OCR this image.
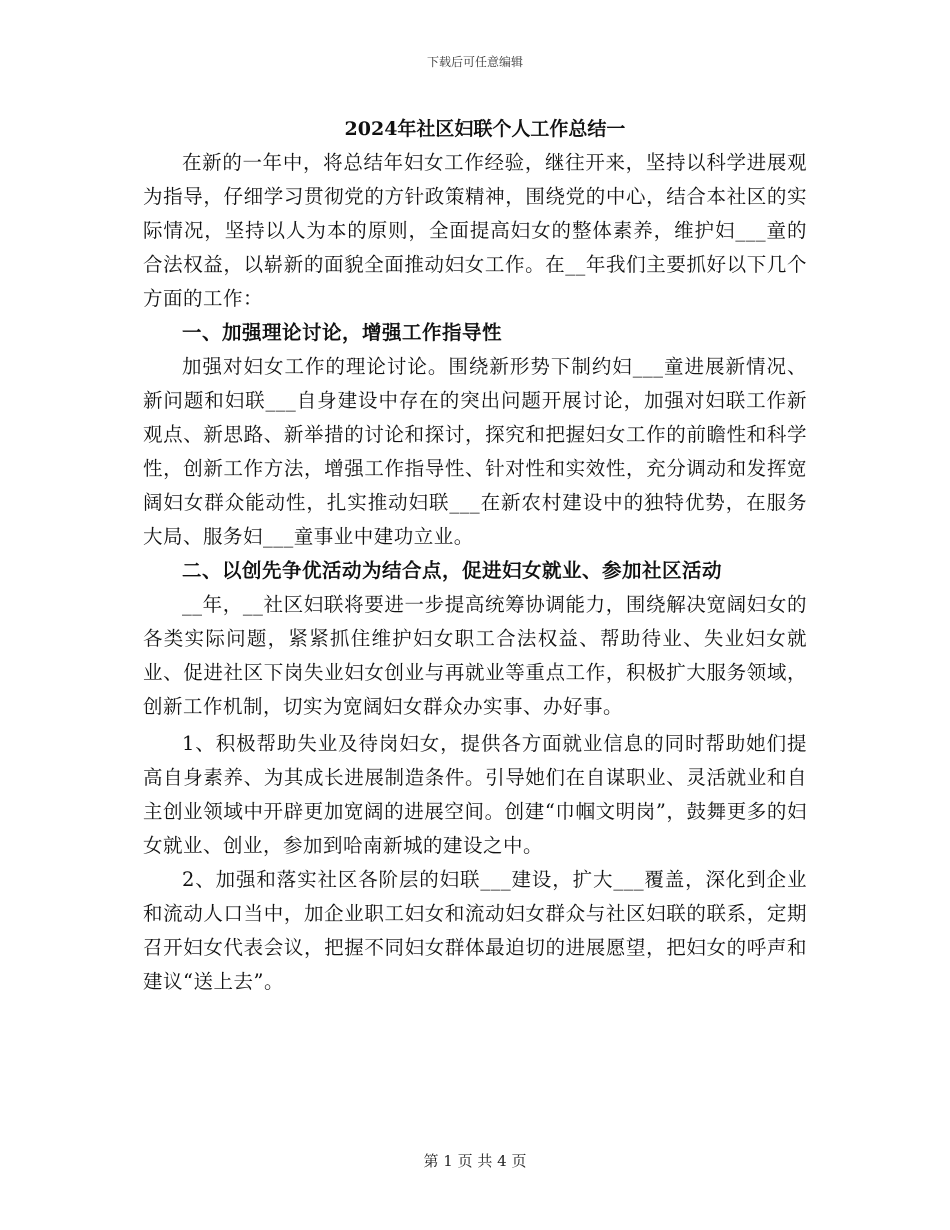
下载后可任意编辑
2024年社区妇联个人工作总结一

在新的一年中，将总结年妇女工作经验，继往开来，坚持以科学进展观为指导，仔细学习贯彻党的方针政策精神，围绕党的中心，结合本社区的实际情况，坚持以人为本的原则，全面提高妇女的整体素养，维护妇___童的合法权益，以崭新的面貌全面推动妇女工作。在__年我们主要抓好以下几个方面的工作：

一、加强理论讨论，增强工作指导性

加强对妇女工作的理论讨论。围绕新形势下制约妇___童进展新情况、新问题和妇联___自身建设中存在的突出问题开展讨论，加强对妇联工作新观点、新思路、新举措的讨论和探讨，探究和把握妇女工作的前瞻性和科学性，创新工作方法，增强工作指导性、针对性和实效性，充分调动和发挥宽阔妇女群众能动性，扎实推动妇联___在新农村建设中的独特优势，在服务大局、服务妇___童事业中建功立业。

二、以创先争优活动为结合点，促进妇女就业、参加社区活动

__年，__社区妇联将要进一步提高统筹协调能力，围绕解决宽阔妇女的各类实际问题，紧紧抓住维护妇女职工合法权益、帮助待业、失业妇女就业、促进社区下岗失业妇女创业与再就业等重点工作，积极扩大服务领域，创新工作机制，切实为宽阔妇女群众办实事、办好事。

1、积极帮助失业及待岗妇女，提供各方面就业信息的同时帮助她们提高自身素养、为其成长进展制造条件。引导她们在自谋职业、灵活就业和自主创业领域中开辟更加宽阔的进展空间。创建“巾帼文明岗”，鼓舞更多的妇女就业、创业，参加到哈南新城的建设之中。

2、加强和落实社区各阶层的妇联___建设，扩大___覆盖，深化到企业和流动人口当中，加企业职工妇女和流动妇女群众与社区妇联的联系，定期召开妇女代表会议，把握不同妇女群体最迫切的进展愿望，把妇女的呼声和建议“送上去”。

第 1 页 共 4 页
